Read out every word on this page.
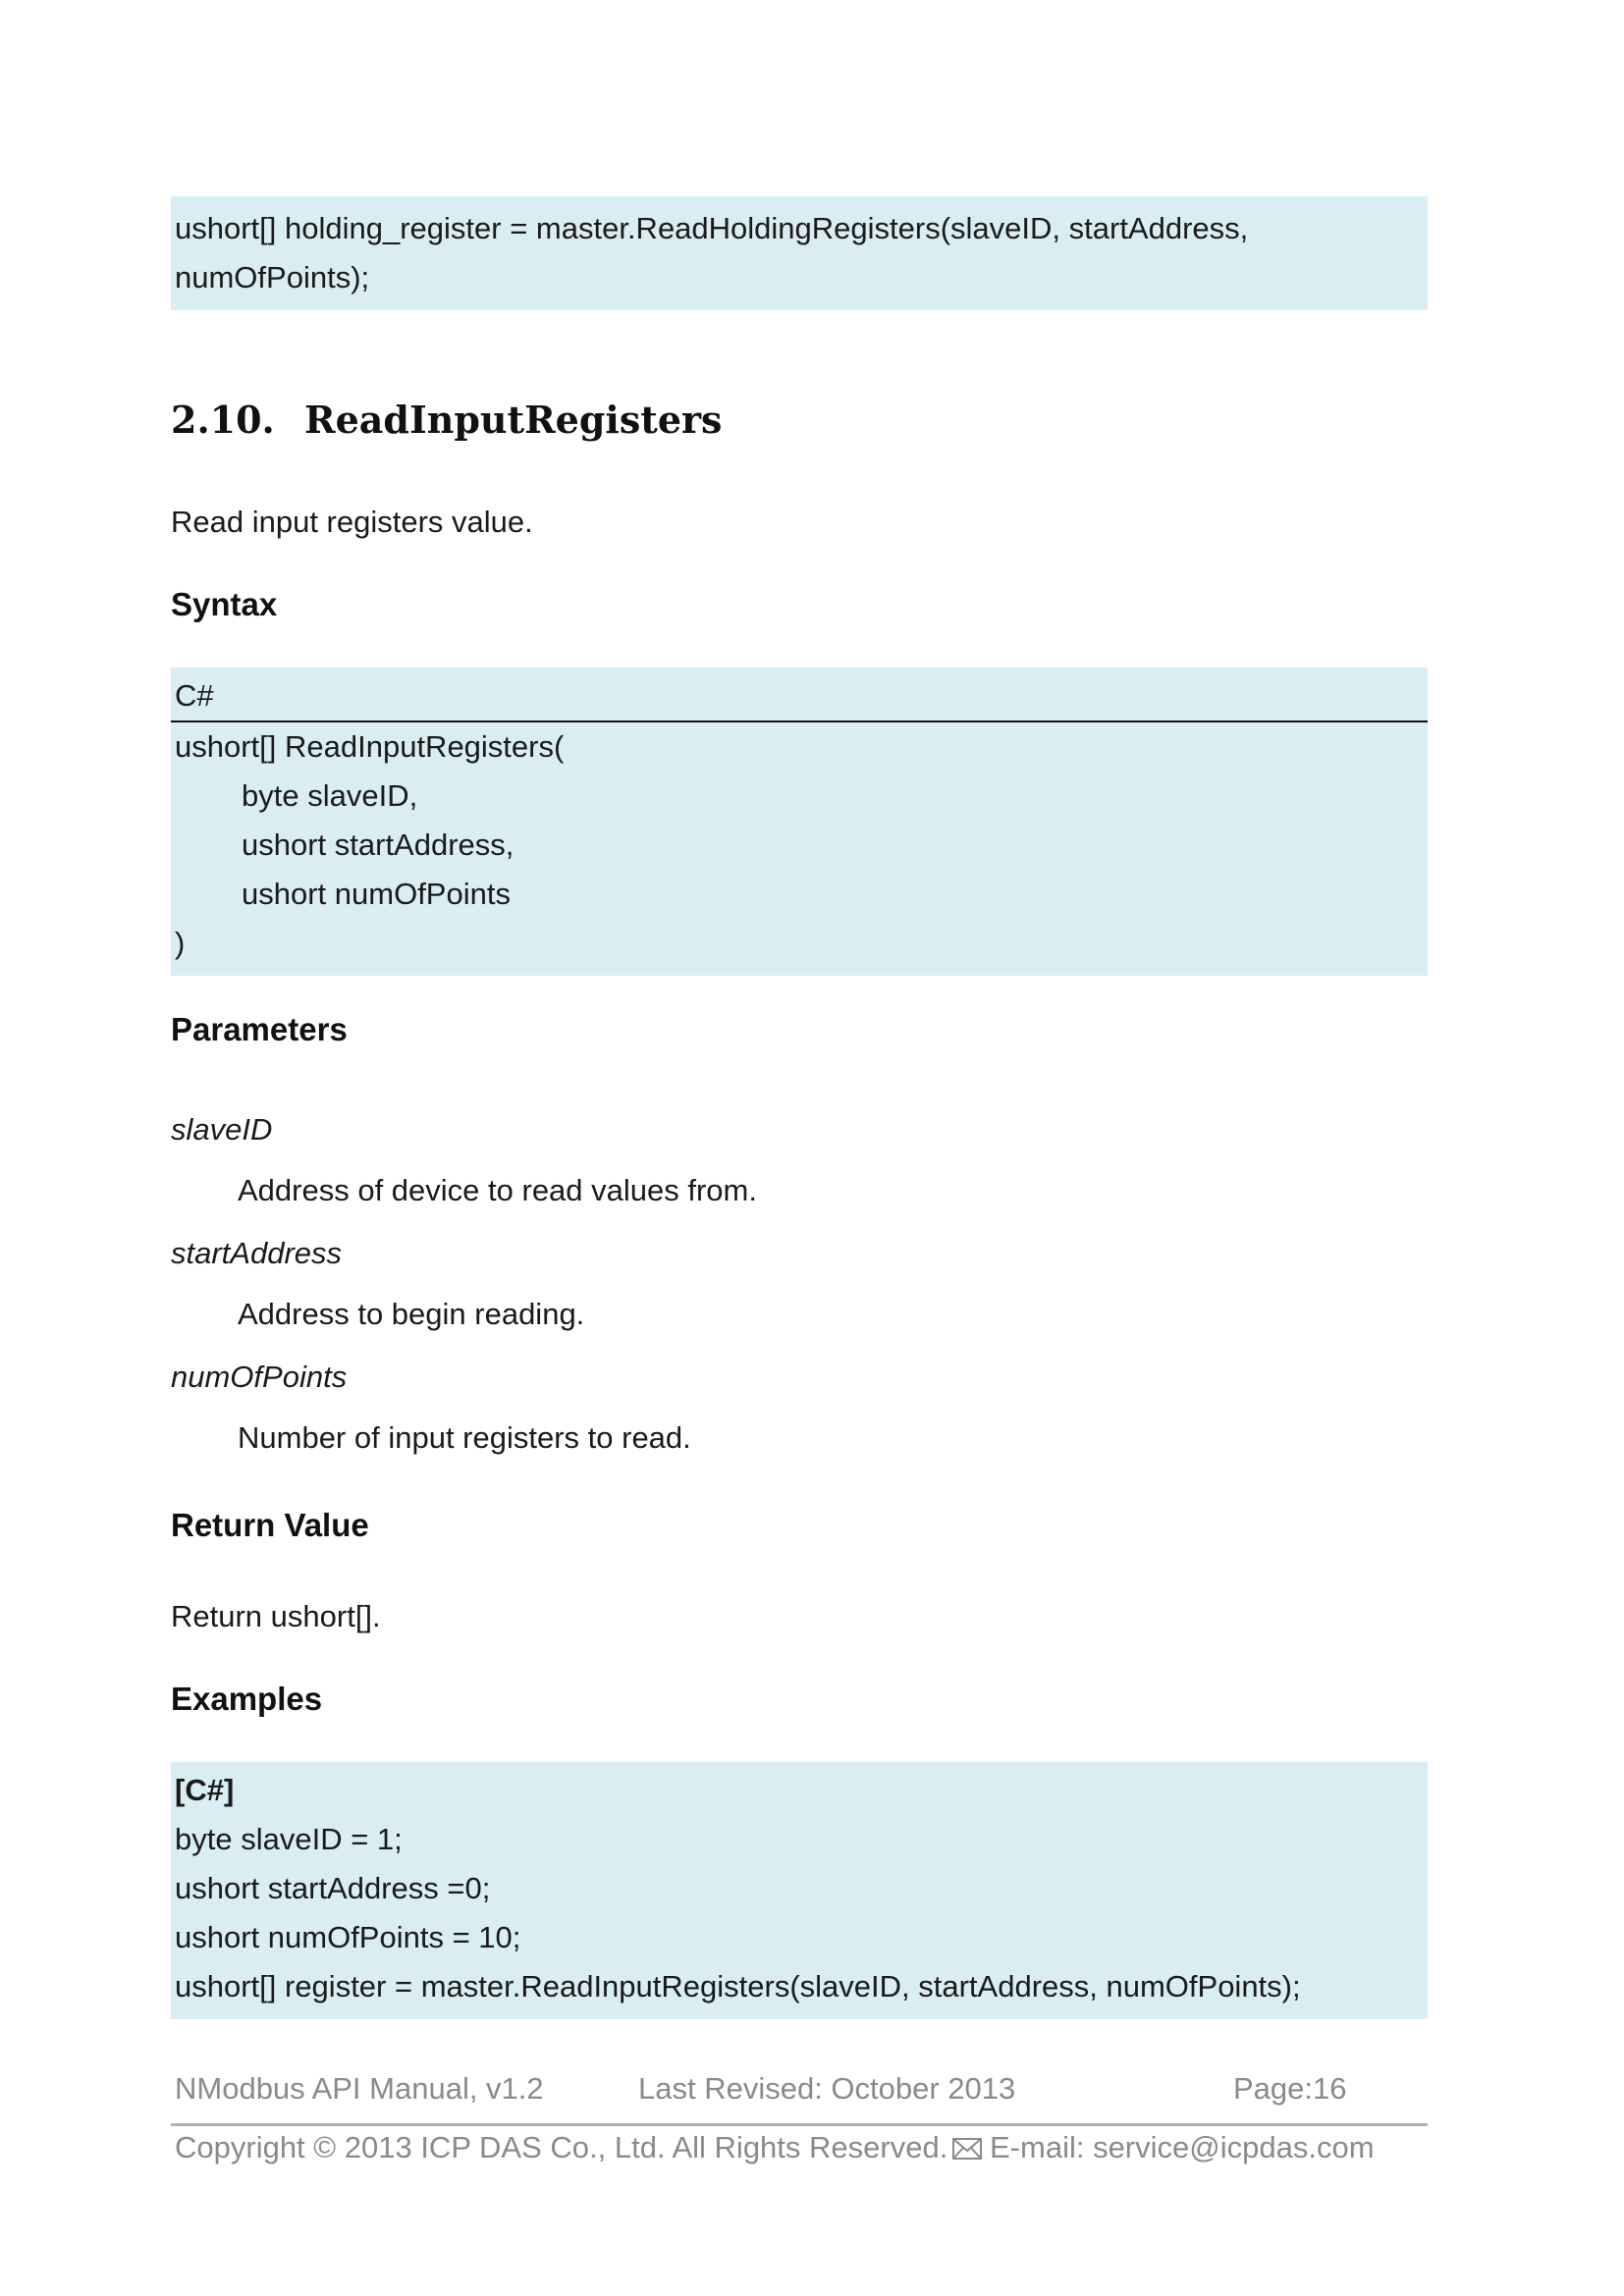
ushort[] holding_register = master.ReadHoldingRegisters(slaveID, startAddress,
numOfPoints);
2.10. ReadInputRegisters

Read input registers value.

Syntax
C#
ushort[] ReadInputRegisters(
byte slaveID,
ushort startAddress,
ushort numOfPoints
)
Parameters
slaveID
Address of device to read values from.
startAddress
Address to begin reading.
numOfPoints
Number of input registers to read.
Return Value

Return ushort[].

Examples
[C#]
byte slaveID = 1;
ushort startAddress =0;
ushort numOfPoints = 10;
ushort[] register = master.ReadInputRegisters(slaveID, startAddress, numOfPoints);
NModbus API Manual, v1.2	Last Revised: October 2013	Page:16
Copyright © 2013 ICP DAS Co., Ltd. All Rights Reserved.	E-mail: service@icpdas.com
